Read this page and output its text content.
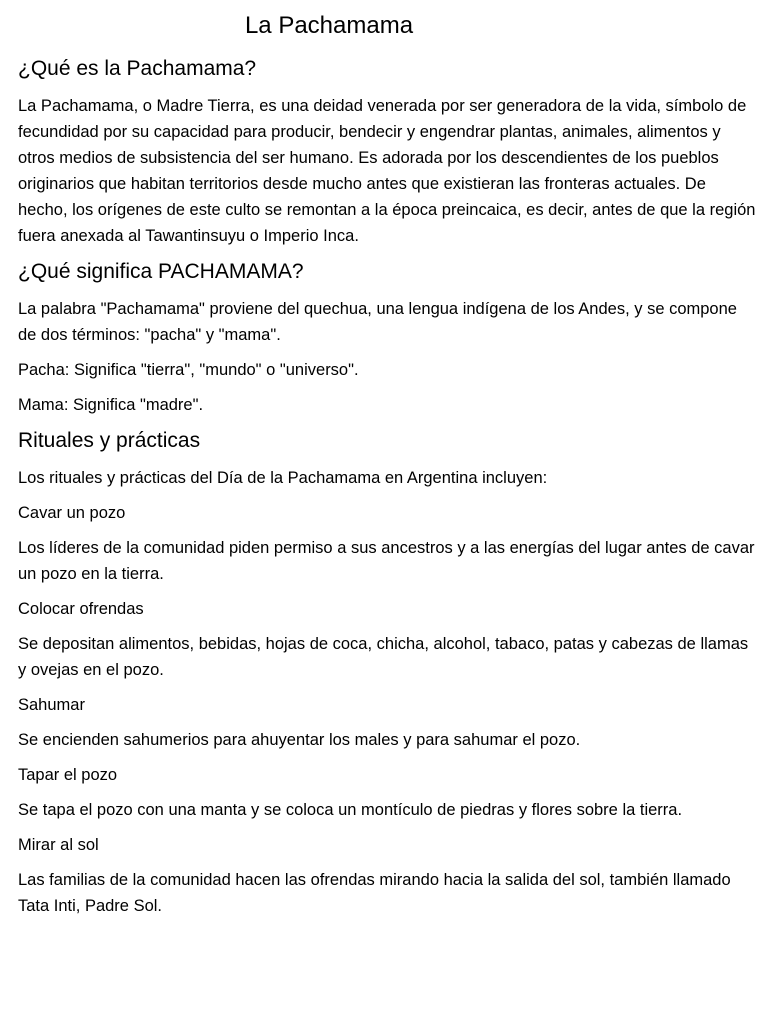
La Pachamama
¿Qué es la Pachamama?

La Pachamama, o Madre Tierra, es una deidad venerada por ser generadora de la vida, símbolo de fecundidad por su capacidad para producir, bendecir y engendrar plantas, animales, alimentos y otros medios de subsistencia del ser humano. Es adorada por los descendientes de los pueblos originarios que habitan territorios desde mucho antes que existieran las fronteras actuales. De hecho, los orígenes de este culto se remontan a la época preincaica, es decir, antes de que la región fuera anexada al Tawantinsuyu o Imperio Inca.

¿Qué significa PACHAMAMA?

La palabra "Pachamama" proviene del quechua, una lengua indígena de los Andes, y se compone de dos términos: "pacha" y "mama".

Pacha: Significa "tierra", "mundo" o "universo".

Mama: Significa "madre".

Rituales y prácticas

Los rituales y prácticas del Día de la Pachamama en Argentina incluyen:

Cavar un pozo

Los líderes de la comunidad piden permiso a sus ancestros y a las energías del lugar antes de cavar un pozo en la tierra.

Colocar ofrendas

Se depositan alimentos, bebidas, hojas de coca, chicha, alcohol, tabaco, patas y cabezas de llamas y ovejas en el pozo.

Sahumar

Se encienden sahumerios para ahuyentar los males y para sahumar el pozo.

Tapar el pozo

Se tapa el pozo con una manta y se coloca un montículo de piedras y flores sobre la tierra.

Mirar al sol

Las familias de la comunidad hacen las ofrendas mirando hacia la salida del sol, también llamado Tata Inti, Padre Sol.
